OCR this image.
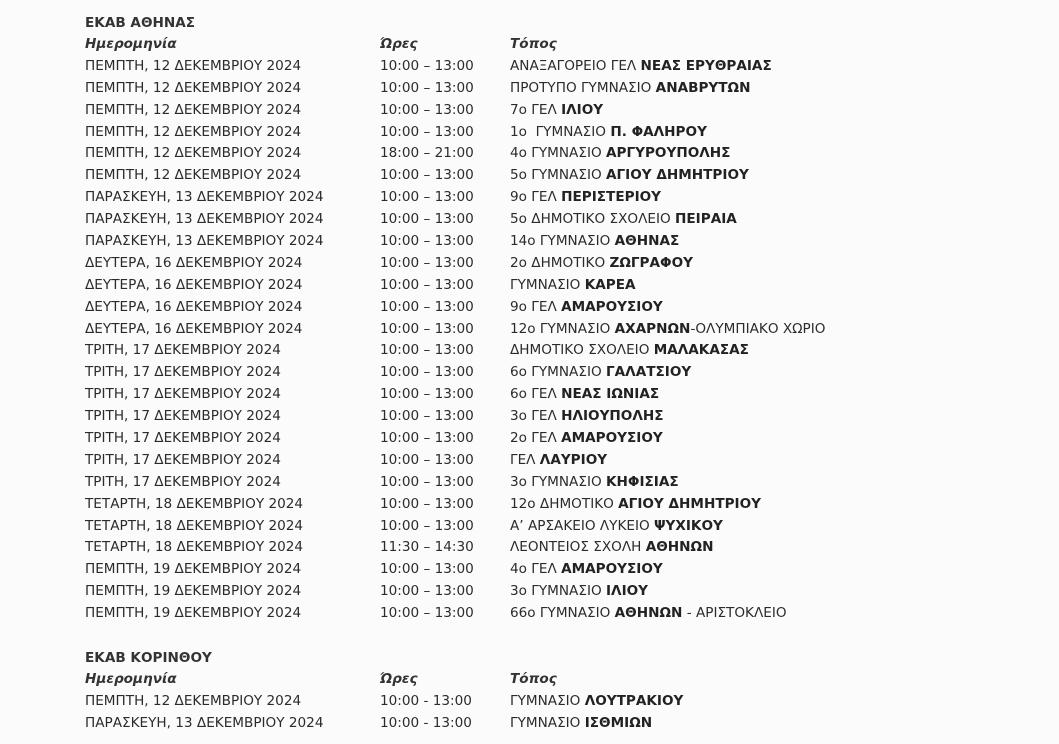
ΕΚΑΒ ΑΘΗΝΑΣ
Ημερομηνία	Ώρες	Τόπος
ΠΕΜΠΤΗ, 12 ΔΕΚΕΜΒΡΙΟΥ 2024	10:00 – 13:00	ΑΝΑΞΑΓΟΡΕΙΟ ΓΕΛ ΝΕΑΣ ΕΡΥΘΡΑΙΑΣ
ΠΕΜΠΤΗ, 12 ΔΕΚΕΜΒΡΙΟΥ 2024	10:00 – 13:00	ΠΡΟΤΥΠΟ ΓΥΜΝΑΣΙΟ ΑΝΑΒΡΥΤΩΝ
ΠΕΜΠΤΗ, 12 ΔΕΚΕΜΒΡΙΟΥ 2024	10:00 – 13:00	7ο ΓΕΛ ΙΛΙΟΥ
ΠΕΜΠΤΗ, 12 ΔΕΚΕΜΒΡΙΟΥ 2024	10:00 – 13:00	1ο  ΓΥΜΝΑΣΙΟ Π. ΦΑΛΗΡΟΥ
ΠΕΜΠΤΗ, 12 ΔΕΚΕΜΒΡΙΟΥ 2024	18:00 – 21:00	4ο ΓΥΜΝΑΣΙΟ ΑΡΓΥΡΟΥΠΟΛΗΣ
ΠΕΜΠΤΗ, 12 ΔΕΚΕΜΒΡΙΟΥ 2024	10:00 – 13:00	5ο ΓΥΜΝΑΣΙΟ ΑΓΙΟΥ ΔΗΜΗΤΡΙΟΥ
ΠΑΡΑΣΚΕΥΗ, 13 ΔΕΚΕΜΒΡΙΟΥ 2024	10:00 – 13:00	9ο ΓΕΛ ΠΕΡΙΣΤΕΡΙΟΥ
ΠΑΡΑΣΚΕΥΗ, 13 ΔΕΚΕΜΒΡΙΟΥ 2024	10:00 – 13:00	5ο ΔΗΜΟΤΙΚΟ ΣΧΟΛΕΙΟ ΠΕΙΡΑΙΑ
ΠΑΡΑΣΚΕΥΗ, 13 ΔΕΚΕΜΒΡΙΟΥ 2024	10:00 – 13:00	14ο ΓΥΜΝΑΣΙΟ ΑΘΗΝΑΣ
ΔΕΥΤΕΡΑ, 16 ΔΕΚΕΜΒΡΙΟΥ 2024	10:00 – 13:00	2ο ΔΗΜΟΤΙΚΟ ΖΩΓΡΑΦΟΥ
ΔΕΥΤΕΡΑ, 16 ΔΕΚΕΜΒΡΙΟΥ 2024	10:00 – 13:00	ΓΥΜΝΑΣΙΟ ΚΑΡΕΑ
ΔΕΥΤΕΡΑ, 16 ΔΕΚΕΜΒΡΙΟΥ 2024	10:00 – 13:00	9ο ΓΕΛ ΑΜΑΡΟΥΣΙΟΥ
ΔΕΥΤΕΡΑ, 16 ΔΕΚΕΜΒΡΙΟΥ 2024	10:00 – 13:00	12ο ΓΥΜΝΑΣΙΟ ΑΧΑΡΝΩΝ-ΟΛΥΜΠΙΑΚΟ ΧΩΡΙΟ
ΤΡΙΤΗ, 17 ΔΕΚΕΜΒΡΙΟΥ 2024	10:00 – 13:00	ΔΗΜΟΤΙΚΟ ΣΧΟΛΕΙΟ ΜΑΛΑΚΑΣΑΣ
ΤΡΙΤΗ, 17 ΔΕΚΕΜΒΡΙΟΥ 2024	10:00 – 13:00	6ο ΓΥΜΝΑΣΙΟ ΓΑΛΑΤΣΙΟΥ
ΤΡΙΤΗ, 17 ΔΕΚΕΜΒΡΙΟΥ 2024	10:00 – 13:00	6ο ΓΕΛ ΝΕΑΣ ΙΩΝΙΑΣ
ΤΡΙΤΗ, 17 ΔΕΚΕΜΒΡΙΟΥ 2024	10:00 – 13:00	3ο ΓΕΛ ΗΛΙΟΥΠΟΛΗΣ
ΤΡΙΤΗ, 17 ΔΕΚΕΜΒΡΙΟΥ 2024	10:00 – 13:00	2ο ΓΕΛ ΑΜΑΡΟΥΣΙΟΥ
ΤΡΙΤΗ, 17 ΔΕΚΕΜΒΡΙΟΥ 2024	10:00 – 13:00	ΓΕΛ ΛΑΥΡΙΟΥ
ΤΡΙΤΗ, 17 ΔΕΚΕΜΒΡΙΟΥ 2024	10:00 – 13:00	3ο ΓΥΜΝΑΣΙΟ ΚΗΦΙΣΙΑΣ
ΤΕΤΑΡΤΗ, 18 ΔΕΚΕΜΒΡΙΟΥ 2024	10:00 – 13:00	12ο ΔΗΜΟΤΙΚΟ ΑΓΙΟΥ ΔΗΜΗΤΡΙΟΥ
ΤΕΤΑΡΤΗ, 18 ΔΕΚΕΜΒΡΙΟΥ 2024	10:00 – 13:00	Α’ ΑΡΣΑΚΕΙΟ ΛΥΚΕΙΟ ΨΥΧΙΚΟΥ
ΤΕΤΑΡΤΗ, 18 ΔΕΚΕΜΒΡΙΟΥ 2024	11:30 – 14:30	ΛΕΟΝΤΕΙΟΣ ΣΧΟΛΗ ΑΘΗΝΩΝ
ΠΕΜΠΤΗ, 19 ΔΕΚΕΜΒΡΙΟΥ 2024	10:00 – 13:00	4ο ΓΕΛ ΑΜΑΡΟΥΣΙΟΥ
ΠΕΜΠΤΗ, 19 ΔΕΚΕΜΒΡΙΟΥ 2024	10:00 – 13:00	3ο ΓΥΜΝΑΣΙΟ ΙΛΙΟΥ
ΠΕΜΠΤΗ, 19 ΔΕΚΕΜΒΡΙΟΥ 2024	10:00 – 13:00	66ο ΓΥΜΝΑΣΙΟ ΑΘΗΝΩΝ - ΑΡΙΣΤΟΚΛΕΙΟ
ΕΚΑΒ ΚΟΡΙΝΘΟΥ
Ημερομηνία	Ώρες	Τόπος
ΠΕΜΠΤΗ, 12 ΔΕΚΕΜΒΡΙΟΥ 2024	10:00 - 13:00	ΓΥΜΝΑΣΙΟ ΛΟΥΤΡΑΚΙΟΥ
ΠΑΡΑΣΚΕΥΗ, 13 ΔΕΚΕΜΒΡΙΟΥ 2024	10:00 - 13:00	ΓΥΜΝΑΣΙΟ ΙΣΘΜΙΩΝ
